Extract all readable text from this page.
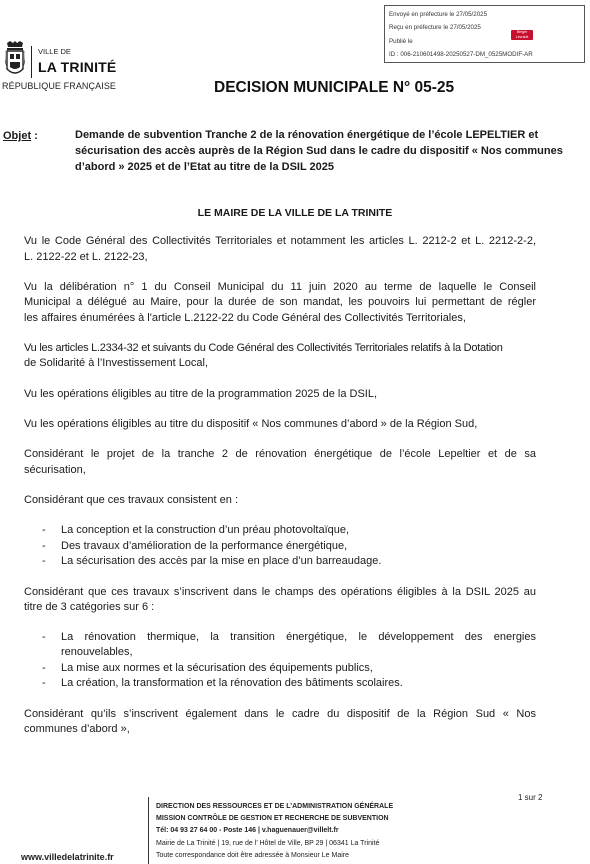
Envoyé en préfecture le 27/05/2025
Reçu en préfecture le 27/05/2025
Publié le
ID : 006-210601498-20250527-DM_0525MODIF-AR
Berger Levrault
VILLE DE
LA TRINITÉ
RÉPUBLIQUE FRANÇAISE	DECISION MUNICIPALE N° 05-25
Objet :	Demande de subvention Tranche 2 de la rénovation énergétique de l’école LEPELTIER et
sécurisation des accès auprès de la Région Sud dans le cadre du dispositif « Nos communes
d’abord » 2025 et de l’Etat au titre de la DSIL 2025
LE MAIRE DE LA VILLE DE LA TRINITE
Vu le Code Général des Collectivités Territoriales et notamment les articles L. 2212-2 et L. 2212-2-2,
L. 2122-22 et L. 2122-23,
Vu la délibération n° 1 du Conseil Municipal du 11 juin 2020 au terme de laquelle le Conseil
Municipal a délégué au Maire, pour la durée de son mandat, les pouvoirs lui permettant de régler
les affaires énumérées à l'article L.2122-22 du Code Général des Collectivités Territoriales,
Vu les articles L.2334-32 et suivants du Code Général des Collectivités Territoriales relatifs à la Dotation
de Solidarité à l’Investissement Local,
Vu les opérations éligibles au titre de la programmation 2025 de la DSIL,
Vu les opérations éligibles au titre du dispositif « Nos communes d’abord » de la Région Sud,
Considérant le projet de la tranche 2 de rénovation énergétique de l’école Lepeltier et de sa
sécurisation,
Considérant que ces travaux consistent en :
- La conception et la construction d’un préau photovoltaïque,
- Des travaux d’amélioration de la performance énergétique,
- La sécurisation des accès par la mise en place d’un barreaudage.
Considérant que ces travaux s’inscrivent dans le champs des opérations éligibles à la DSIL 2025 au
titre de 3 catégories sur 6 :
- La rénovation thermique, la transition énergétique, le développement des energies
renouvelables,
- La mise aux normes et la sécurisation des équipements publics,
- La création, la transformation et la rénovation des bâtiments scolaires.
Considérant qu’ils s’inscrivent également dans le cadre du dispositif de la Région Sud « Nos
communes d’abord »,
1 sur 2
DIRECTION DES RESSOURCES ET DE L’ADMINISTRATION GÉNÉRALE
MISSION CONTRÔLE DE GESTION ET RECHERCHE DE SUBVENTION
Tél: 04 93 27 64 00 - Poste 146 | v.haguenauer@villelt.fr
Mairie de La Trinité | 19, rue de l’ Hôtel de Ville, BP 29 | 06341 La Trinité
Toute correspondance doit être adressée à Monsieur Le Maire
www.villedelatrinite.fr
